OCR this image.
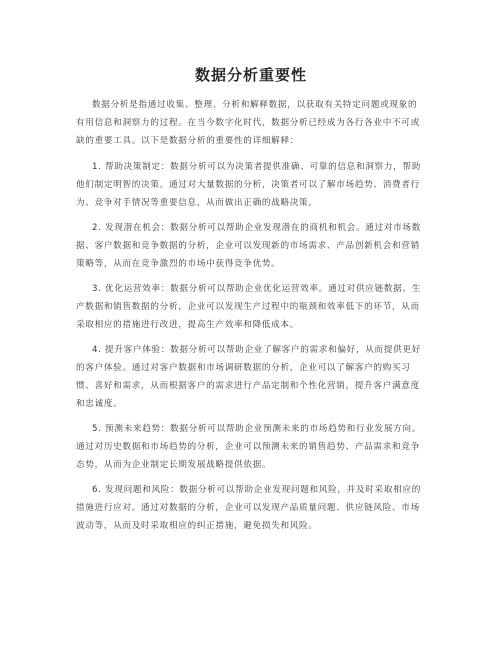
数据分析重要性

数据分析是指通过收集、整理、分析和解释数据，以获取有关特定问题或现象的有用信息和洞察力的过程。在当今数字化时代，数据分析已经成为各行各业中不可或缺的重要工具。以下是数据分析的重要性的详细解释：

1. 帮助决策制定：数据分析可以为决策者提供准确、可靠的信息和洞察力，帮助他们制定明智的决策。通过对大量数据的分析，决策者可以了解市场趋势、消费者行为、竞争对手情况等重要信息，从而做出正确的战略决策。

2. 发现潜在机会：数据分析可以帮助企业发现潜在的商机和机会。通过对市场数据、客户数据和竞争数据的分析，企业可以发现新的市场需求、产品创新机会和营销策略等，从而在竞争激烈的市场中获得竞争优势。

3. 优化运营效率：数据分析可以帮助企业优化运营效率。通过对供应链数据、生产数据和销售数据的分析，企业可以发现生产过程中的瓶颈和效率低下的环节，从而采取相应的措施进行改进，提高生产效率和降低成本。

4. 提升客户体验：数据分析可以帮助企业了解客户的需求和偏好，从而提供更好的客户体验。通过对客户数据和市场调研数据的分析，企业可以了解客户的购买习惯、喜好和需求，从而根据客户的需求进行产品定制和个性化营销，提升客户满意度和忠诚度。

5. 预测未来趋势：数据分析可以帮助企业预测未来的市场趋势和行业发展方向。通过对历史数据和市场趋势的分析，企业可以预测未来的销售趋势、产品需求和竞争态势，从而为企业制定长期发展战略提供依据。

6. 发现问题和风险：数据分析可以帮助企业发现问题和风险，并及时采取相应的措施进行应对。通过对数据的分析，企业可以发现产品质量问题、供应链风险、市场波动等，从而及时采取相应的纠正措施，避免损失和风险。
